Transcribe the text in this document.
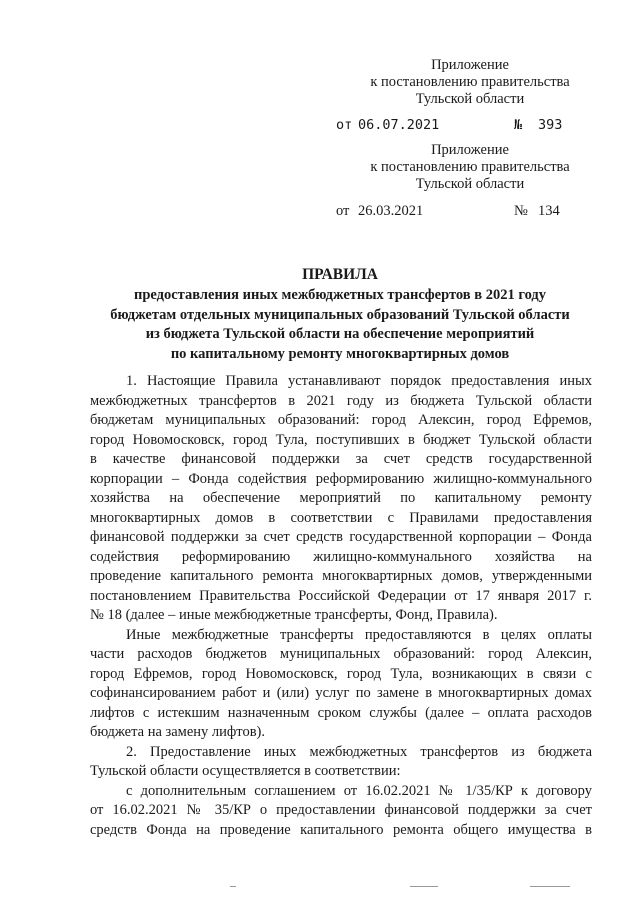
Приложение
к постановлению правительства
Тульской области
от 06.07.2021	№ 393
Приложение
к постановлению правительства
Тульской области
от 26.03.2021	№ 134
ПРАВИЛА
предоставления иных межбюджетных трансфертов в 2021 году
бюджетам отдельных муниципальных образований Тульской области
из бюджета Тульской области на обеспечение мероприятий
по капитальному ремонту многоквартирных домов
1. Настоящие Правила устанавливают порядок предоставления иных
межбюджетных трансфертов в 2021 году из бюджета Тульской области
бюджетам муниципальных образований: город Алексин, город Ефремов,
город Новомосковск, город Тула, поступивших в бюджет Тульской области
в качестве финансовой поддержки за счет средств государственной
корпорации – Фонда содействия реформированию жилищно-коммунального
хозяйства на обеспечение мероприятий по капитальному ремонту
многоквартирных домов в соответствии с Правилами предоставления
финансовой поддержки за счет средств государственной корпорации – Фонда
содействия реформированию жилищно-коммунального хозяйства на
проведение капитального ремонта многоквартирных домов, утвержденными
постановлением Правительства Российской Федерации от 17 января 2017 г.
№ 18 (далее – иные межбюджетные трансферты, Фонд, Правила).
Иные межбюджетные трансферты предоставляются в целях оплаты
части расходов бюджетов муниципальных образований: город Алексин,
город Ефремов, город Новомосковск, город Тула, возникающих в связи с
софинансированием работ и (или) услуг по замене в многоквартирных домах
лифтов с истекшим назначенным сроком службы (далее – оплата расходов
бюджета на замену лифтов).
2. Предоставление иных межбюджетных трансфертов из бюджета
Тульской области осуществляется в соответствии:
с дополнительным соглашением от 16.02.2021 № 1/35/КР к договору
от 16.02.2021 № 35/КР о предоставлении финансовой поддержки за счет
средств Фонда на проведение капитального ремонта общего имущества в
